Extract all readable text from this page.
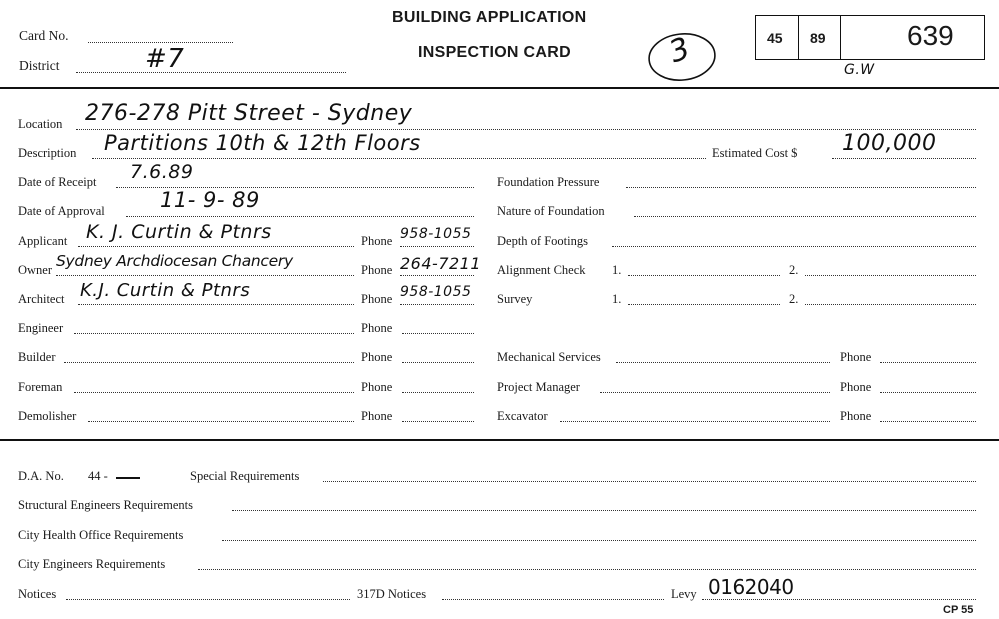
Card No.
District	#7
BUILDING APPLICATION
INSPECTION CARD	3	45 89	639
G.W
Location 276-278 Pitt Street - Sydney
Description Partitions 10th & 12th Floors	Estimated Cost $ 100,000
Date of Receipt 7.6.89
Date of Approval	11- 9- 89
Applicant K. J. Curtin & Ptnrs	Phone 958-1055
Owner Sydney Archdiocesan Chancery	Phone 264-7211
Architect K.J. Curtin & Ptnrs	Phone 958-1055
Engineer	Phone
Builder	Phone
Foreman	Phone
Demolisher	Phone
Foundation Pressure
Nature of Foundation
Depth of Footings
Alignment Check 1.	2.
Survey	1.	2.
Mechanical Services	Phone
Project Manager	Phone
Excavator	Phone
D.A. No. 44 -	Special Requirements
Structural Engineers Requirements
City Health Office Requirements
City Engineers Requirements
Notices	317D Notices	Levy 0162040
CP 55
